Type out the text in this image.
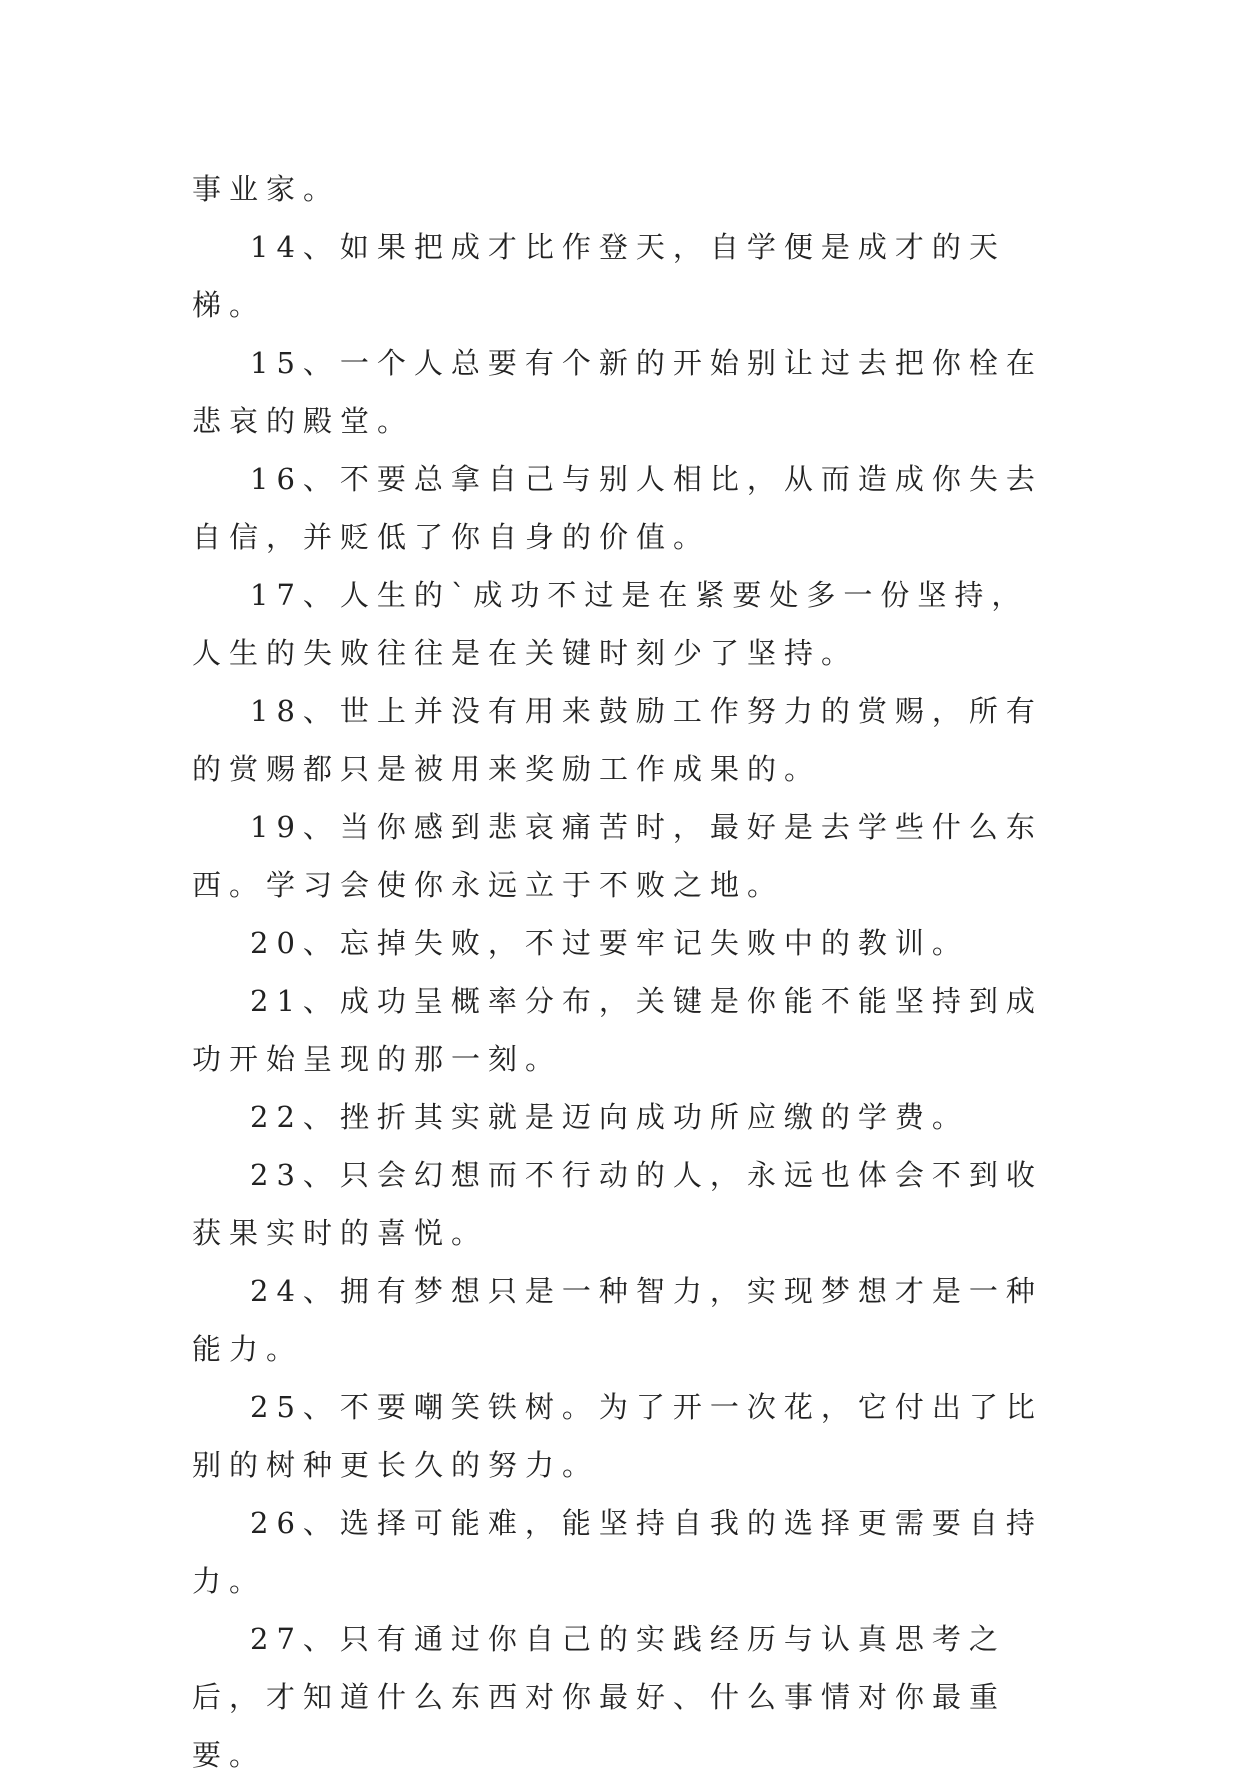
事业家。

14、如果把成才比作登天，自学便是成才的天梯。

15、一个人总要有个新的开始别让过去把你栓在悲哀的殿堂。

16、不要总拿自己与别人相比，从而造成你失去自信，并贬低了你自身的价值。

17、人生的`成功不过是在紧要处多一份坚持，人生的失败往往是在关键时刻少了坚持。

18、世上并没有用来鼓励工作努力的赏赐，所有的赏赐都只是被用来奖励工作成果的。

19、当你感到悲哀痛苦时，最好是去学些什么东西。学习会使你永远立于不败之地。

20、忘掉失败，不过要牢记失败中的教训。

21、成功呈概率分布，关键是你能不能坚持到成功开始呈现的那一刻。

22、挫折其实就是迈向成功所应缴的学费。

23、只会幻想而不行动的人，永远也体会不到收获果实时的喜悦。

24、拥有梦想只是一种智力，实现梦想才是一种能力。

25、不要嘲笑铁树。为了开一次花，它付出了比别的树种更长久的努力。

26、选择可能难，能坚持自我的选择更需要自持力。

27、只有通过你自己的实践经历与认真思考之后，才知道什么东西对你最好、什么事情对你最重要。
